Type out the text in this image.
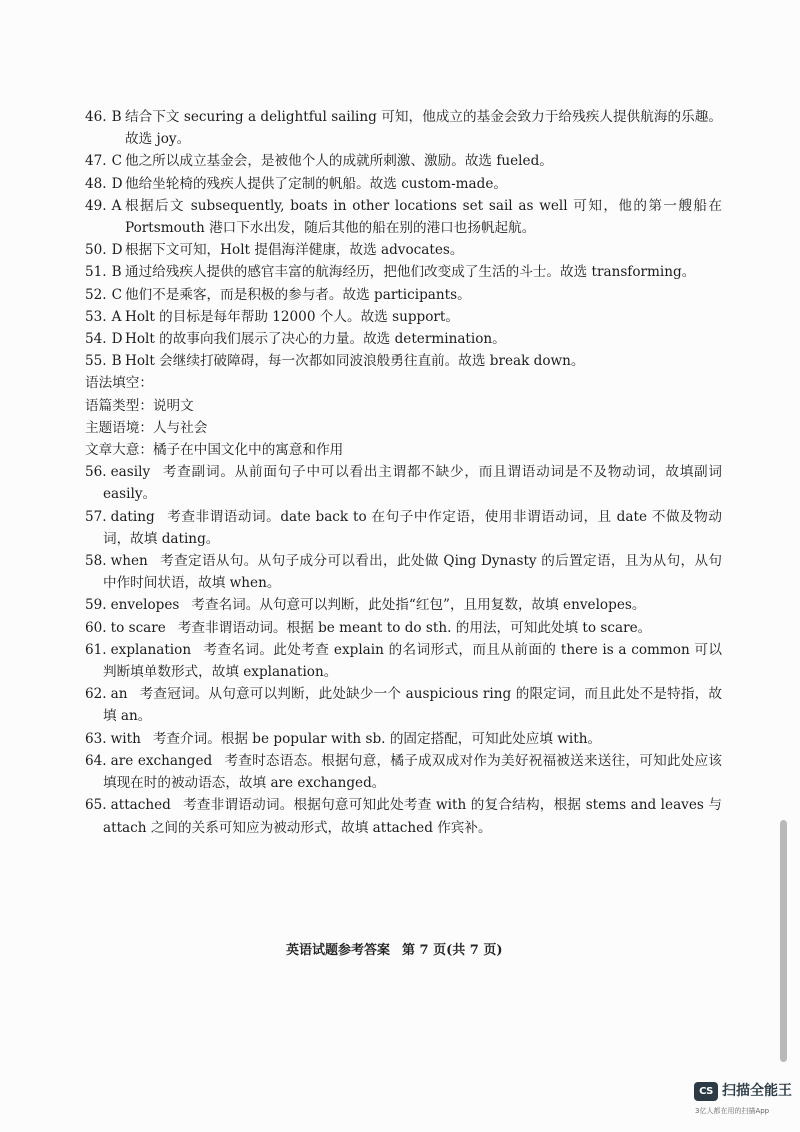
46. B 结合下文 securing a delightful sailing 可知，他成立的基金会致力于给残疾人提供航海的乐趣。故选 joy。
47. C 他之所以成立基金会，是被他个人的成就所刺激、激励。故选 fueled。
48. D 他给坐轮椅的残疾人提供了定制的帆船。故选 custom-made。
49. A 根据后文 subsequently, boats in other locations set sail as well 可知，他的第一艘船在 Portsmouth 港口下水出发，随后其他的船在别的港口也扬帆起航。
50. D 根据下文可知，Holt 提倡海洋健康，故选 advocates。
51. B 通过给残疾人提供的感官丰富的航海经历，把他们改变成了生活的斗士。故选 transforming。
52. C 他们不是乘客，而是积极的参与者。故选 participants。
53. A Holt 的目标是每年帮助 12000 个人。故选 support。
54. D Holt 的故事向我们展示了决心的力量。故选 determination。
55. B Holt 会继续打破障碍，每一次都如同波浪般勇往直前。故选 break down。
语法填空：
语篇类型：说明文
主题语境：人与社会
文章大意：橘子在中国文化中的寓意和作用
56. easily 考查副词。从前面句子中可以看出主谓都不缺少，而且谓语动词是不及物动词，故填副词 easily。
57. dating 考查非谓语动词。date back to 在句子中作定语，使用非谓语动词，且 date 不做及物动词，故填 dating。
58. when 考查定语从句。从句子成分可以看出，此处做 Qing Dynasty 的后置定语，且为从句，从句中作时间状语，故填 when。
59. envelopes 考查名词。从句意可以判断，此处指“红包”，且用复数，故填 envelopes。
60. to scare 考查非谓语动词。根据 be meant to do sth. 的用法，可知此处填 to scare。
61. explanation 考查名词。此处考查 explain 的名词形式，而且从前面的 there is a common 可以判断填单数形式，故填 explanation。
62. an 考查冠词。从句意可以判断，此处缺少一个 auspicious ring 的限定词，而且此处不是特指，故填 an。
63. with 考查介词。根据 be popular with sb. 的固定搭配，可知此处应填 with。
64. are exchanged 考查时态语态。根据句意，橘子成双成对作为美好祝福被送来送往，可知此处应该填现在时的被动语态，故填 are exchanged。
65. attached 考查非谓语动词。根据句意可知此处考查 with 的复合结构，根据 stems and leaves 与 attach 之间的关系可知应为被动形式，故填 attached 作宾补。
英语试题参考答案 第 7 页(共 7 页)
CS 扫描全能王
3亿人都在用的扫描App
